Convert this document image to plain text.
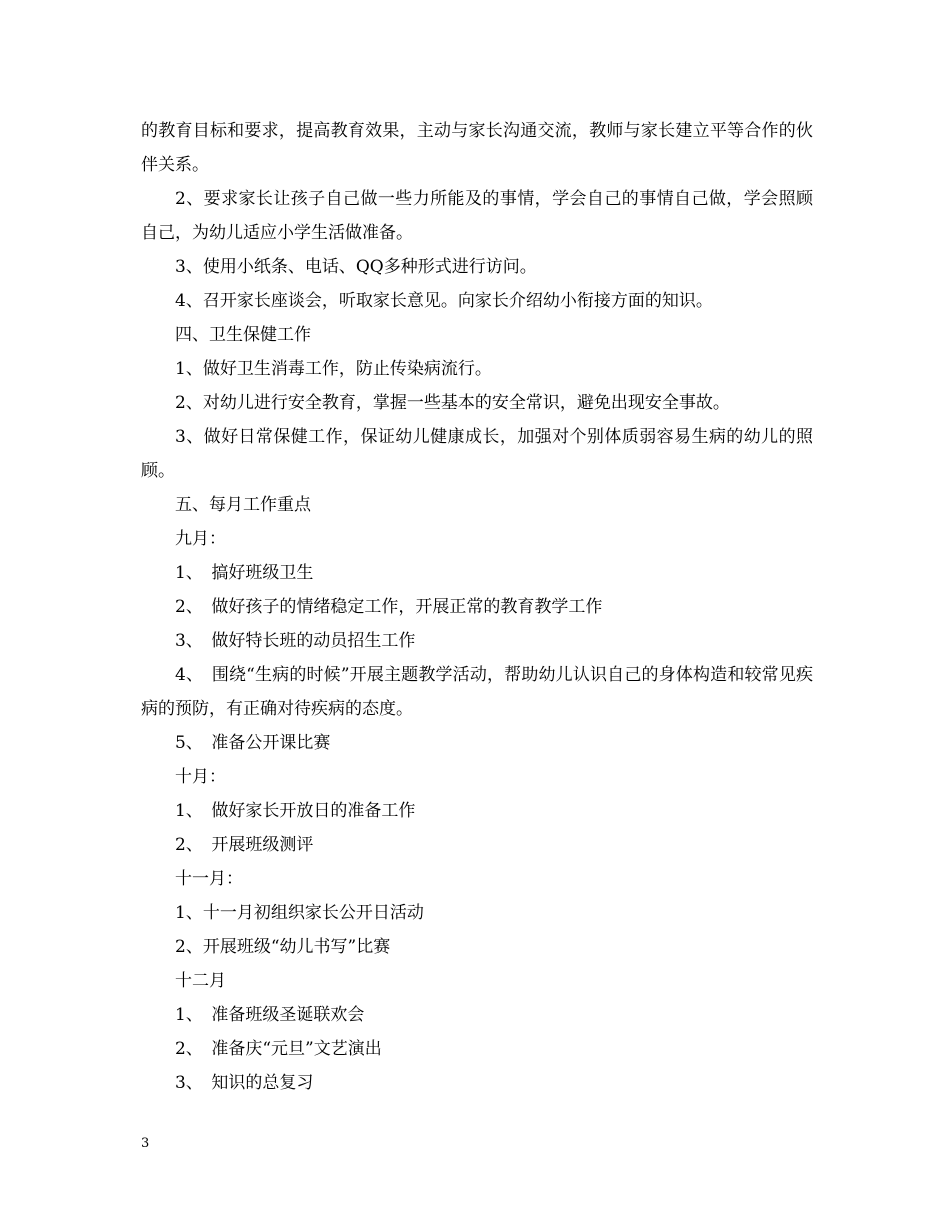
的教育目标和要求，提高教育效果，主动与家长沟通交流，教师与家长建立平等合作的伙伴关系。

2、要求家长让孩子自己做一些力所能及的事情，学会自己的事情自己做，学会照顾自己，为幼儿适应小学生活做准备。

3、使用小纸条、电话、QQ多种形式进行访问。

4、召开家长座谈会，听取家长意见。向家长介绍幼小衔接方面的知识。

四、卫生保健工作

1、做好卫生消毒工作，防止传染病流行。

2、对幼儿进行安全教育，掌握一些基本的安全常识，避免出现安全事故。

3、做好日常保健工作，保证幼儿健康成长，加强对个别体质弱容易生病的幼儿的照顾。

五、每月工作重点

九月：

1、　搞好班级卫生

2、　做好孩子的情绪稳定工作，开展正常的教育教学工作

3、　做好特长班的动员招生工作

4、　围绕“生病的时候”开展主题教学活动，帮助幼儿认识自己的身体构造和较常见疾病的预防，有正确对待疾病的态度。

5、　准备公开课比赛

十月：

1、　做好家长开放日的准备工作

2、　开展班级测评

十一月：

1、十一月初组织家长公开日活动

2、开展班级“幼儿书写”比赛

十二月

1、　准备班级圣诞联欢会

2、　准备庆“元旦”文艺演出

3、　知识的总复习

3
